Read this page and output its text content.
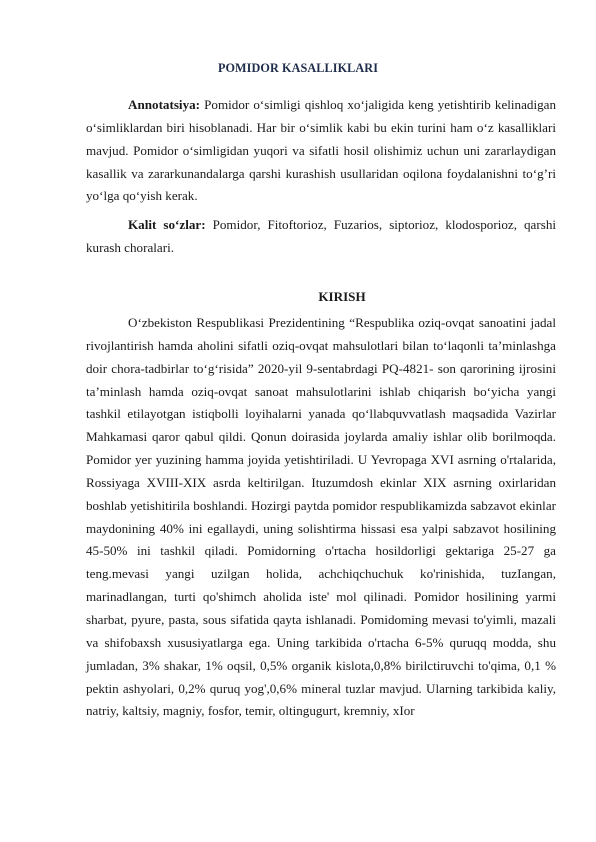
POMIDOR KASALLIKLARI

Annotatsiya: Pomidor o‘simligi qishloq xo‘jaligida keng yetishtirib kelinadigan o‘simliklardan biri hisoblanadi. Har bir o‘simlik kabi bu ekin turini ham o‘z kasalliklari mavjud. Pomidor o‘simligidan yuqori va sifatli hosil olishimiz uchun uni zararlaydigan kasallik va zararkunandalarga qarshi kurashish usullaridan oqilona foydalanishni to‘g’ri yo‘lga qo‘yish kerak.

Kalit so‘zlar: Pomidor, Fitoftorioz, Fuzarios, siptorioz, klodosporioz, qarshi kurash choralari.

KIRISH

O‘zbekiston Respublikasi Prezidentining “Respublika oziq-ovqat sanoatini jadal rivojlantirish hamda aholini sifatli oziq-ovqat mahsulotlari bilan to‘laqonli ta’minlashga doir chora-tadbirlar to‘g‘risida” 2020-yil 9-sentabrdagi PQ-4821- son qarorining ijrosini ta’minlash hamda oziq-ovqat sanoat mahsulotlarini ishlab chiqarish bo‘yicha yangi tashkil etilayotgan istiqbolli loyihalarni yanada qo‘llabquvvatlash maqsadida Vazirlar Mahkamasi qaror qabul qildi. Qonun doirasida joylarda amaliy ishlar olib borilmoqda. Pomidor yer yuzining hamma joyida yetishtiriladi. U Yevropaga XVI asrning o'rtalarida, Rossiyaga XVIII-XIX asrda keltirilgan. Ituzumdosh ekinlar XIX asrning oxirlaridan boshlab yetishitirila boshlandi. Hozirgi paytda pomidor respublikamizda sabzavot ekinlar maydonining 40% ini egallaydi, uning solishtirma hissasi esa yalpi sabzavot hosilining 45-50% ini tashkil qiladi. Pomidorning o'rtacha hosildorligi gektariga 25-27 ga teng.mevasi yangi uzilgan holida, achchiqchuchuk ko'rinishida, tuzIangan, marinadlangan, turti qo'shimch aholida iste' mol qilinadi. Pomidor hosilining yarmi sharbat, pyure, pasta, sous sifatida qayta ishlanadi. Pomidoming mevasi to'yimli, mazali va shifobaxsh xususiyatlarga ega. Uning tarkibida o'rtacha 6-5% quruqq modda, shu jumladan, 3% shakar, 1% oqsil, 0,5% organik kislota,0,8% birilctiruvchi to'qima, 0,1 % pektin ashyolari, 0,2% quruq yog',0,6% mineral tuzlar mavjud. Ularning tarkibida kaliy, natriy, kaltsiy, magniy, fosfor, temir, oltingugurt, kremniy, xIor
